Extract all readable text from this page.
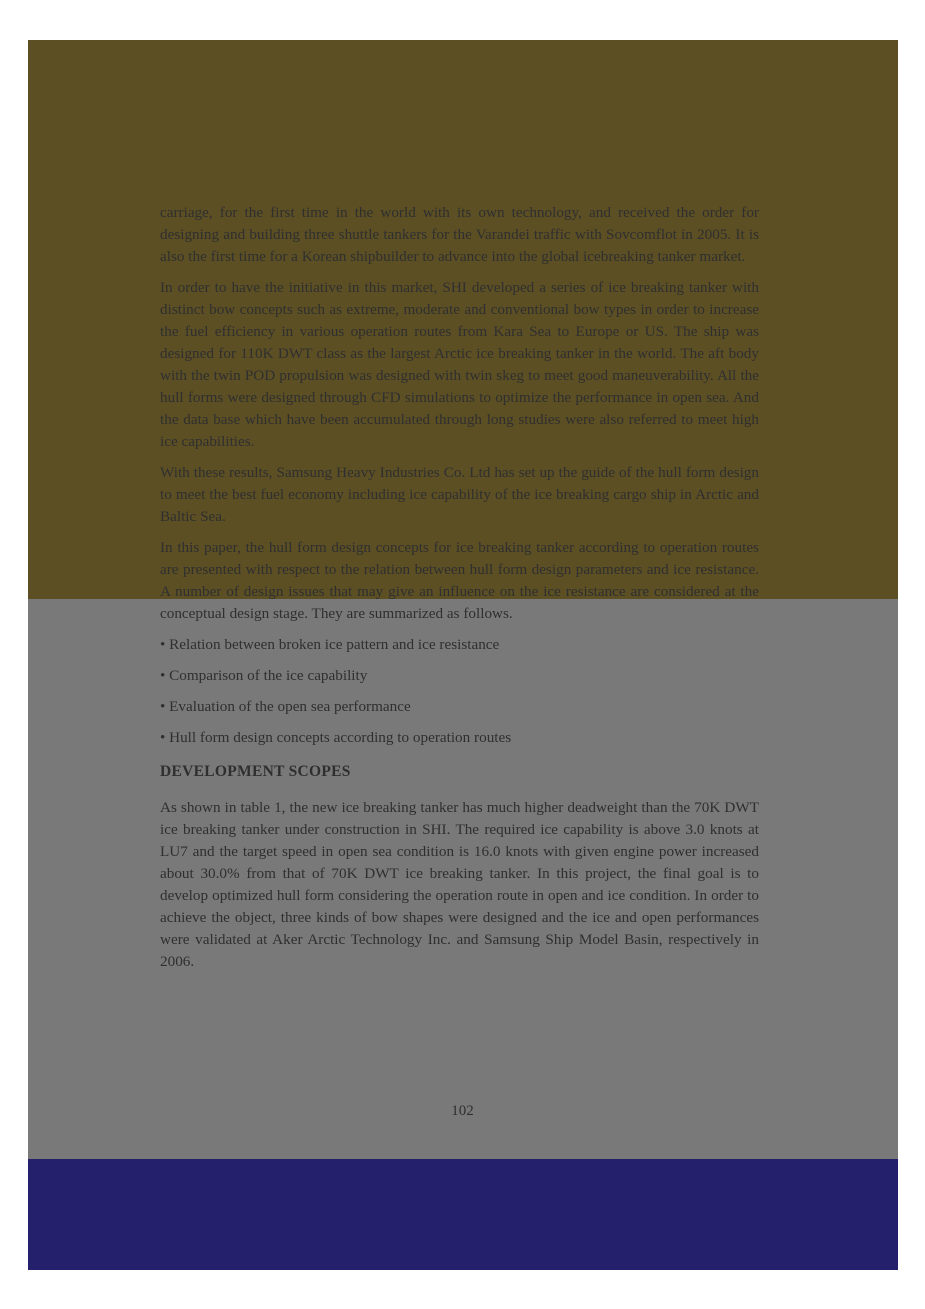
carriage, for the first time in the world with its own technology, and received the order for designing and building three shuttle tankers for the Varandei traffic with Sovcomflot in 2005. It is also the first time for a Korean shipbuilder to advance into the global icebreaking tanker market.

In order to have the initiative in this market, SHI developed a series of ice breaking tanker with distinct bow concepts such as extreme, moderate and conventional bow types in order to increase the fuel efficiency in various operation routes from Kara Sea to Europe or US. The ship was designed for 110K DWT class as the largest Arctic ice breaking tanker in the world. The aft body with the twin POD propulsion was designed with twin skeg to meet good maneuverability. All the hull forms were designed through CFD simulations to optimize the performance in open sea. And the data base which have been accumulated through long studies were also referred to meet high ice capabilities.

With these results, Samsung Heavy Industries Co. Ltd has set up the guide of the hull form design to meet the best fuel economy including ice capability of the ice breaking cargo ship in Arctic and Baltic Sea.

In this paper, the hull form design concepts for ice breaking tanker according to operation routes are presented with respect to the relation between hull form design parameters and ice resistance. A number of design issues that may give an influence on the ice resistance are considered at the conceptual design stage. They are summarized as follows.

• Relation between broken ice pattern and ice resistance

• Comparison of the ice capability

• Evaluation of the open sea performance

• Hull form design concepts according to operation routes

DEVELOPMENT SCOPES

As shown in table 1, the new ice breaking tanker has much higher deadweight than the 70K DWT ice breaking tanker under construction in SHI. The required ice capability is above 3.0 knots at LU7 and the target speed in open sea condition is 16.0 knots with given engine power increased about 30.0% from that of 70K DWT ice breaking tanker. In this project, the final goal is to develop optimized hull form considering the operation route in open and ice condition. In order to achieve the object, three kinds of bow shapes were designed and the ice and open performances were validated at Aker Arctic Technology Inc. and Samsung Ship Model Basin, respectively in 2006.

102
